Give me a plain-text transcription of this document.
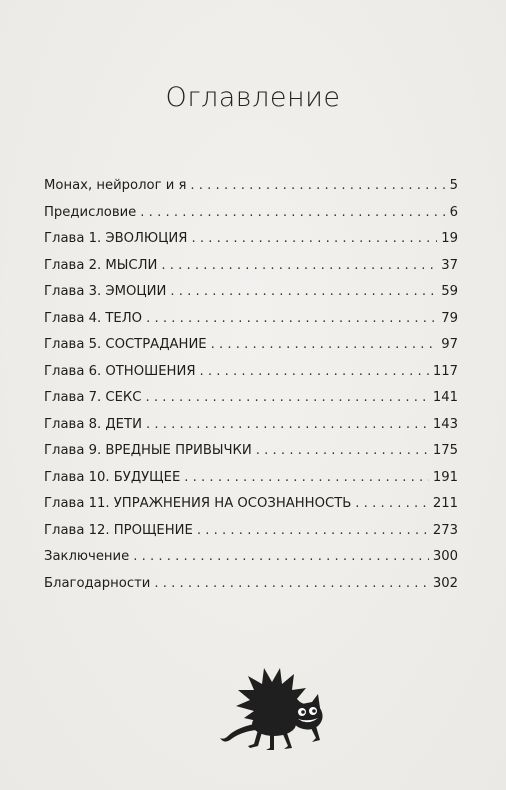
Оглавление
Монах, нейролог и я . . .	5
Предисловие . . .	6
Глава 1. ЭВОЛЮЦИЯ . . .	19
Глава 2. МЫСЛИ . . .	37
Глава 3. ЭМОЦИИ . . .	59
Глава 4. ТЕЛО . . .	79
Глава 5. СОСТРАДАНИЕ . . .	97
Глава 6. ОТНОШЕНИЯ . . .	117
Глава 7. СЕКС . . .	141
Глава 8. ДЕТИ . . .	143
Глава 9. ВРЕДНЫЕ ПРИВЫЧКИ . . .	175
Глава 10. БУДУЩЕЕ . . .	191
Глава 11. УПРАЖНЕНИЯ НА ОСОЗНАННОСТЬ . . .	211
Глава 12. ПРОЩЕНИЕ . . .	273
Заключение . . .	300
Благодарности . . .	302
